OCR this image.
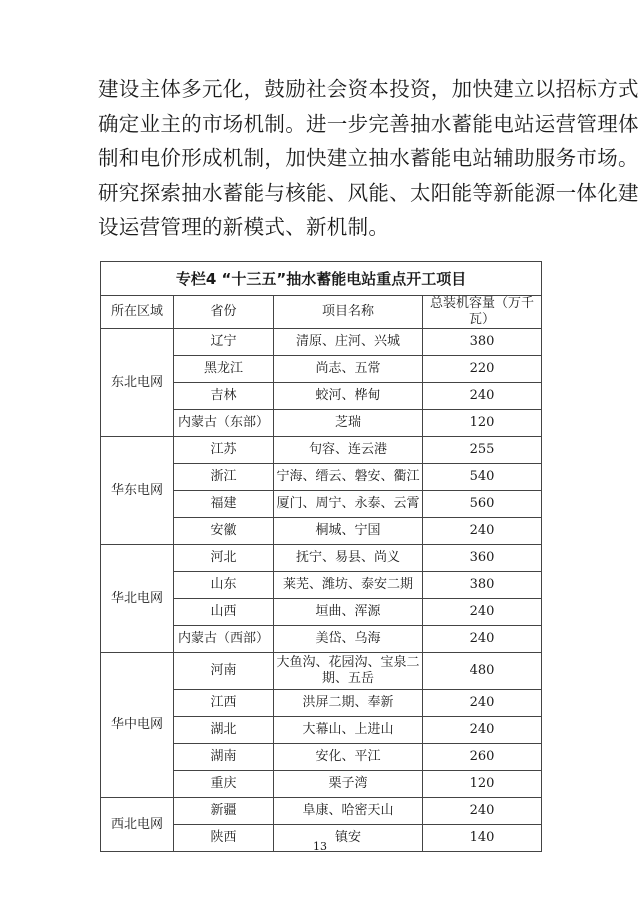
建设主体多元化，鼓励社会资本投资，加快建立以招标方式

确定业主的市场机制。进一步完善抽水蓄能电站运营管理体

制和电价形成机制，加快建立抽水蓄能电站辅助服务市场。

研究探索抽水蓄能与核能、风能、太阳能等新能源一体化建

设运营管理的新模式、新机制。

专栏4 “十三五”抽水蓄能电站重点开工项目			
所在区域	省份	项目名称	总装机容量（万千瓦）
东北电网	辽宁	清原、庄河、兴城	380
	黑龙江	尚志、五常	220
	吉林	蛟河、桦甸	240
	内蒙古（东部）	芝瑞	120
华东电网	江苏	句容、连云港	255
	浙江	宁海、缙云、磐安、衢江	540
	福建	厦门、周宁、永泰、云霄	560
	安徽	桐城、宁国	240
华北电网	河北	抚宁、易县、尚义	360
	山东	莱芜、潍坊、泰安二期	380
	山西	垣曲、浑源	240
	内蒙古（西部）	美岱、乌海	240
华中电网	河南	大鱼沟、花园沟、宝泉二期、五岳	480
	江西	洪屏二期、奉新	240
	湖北	大幕山、上进山	240
	湖南	安化、平江	260
	重庆	栗子湾	120
西北电网	新疆	阜康、哈密天山	240
	陕西	镇安	140
13
